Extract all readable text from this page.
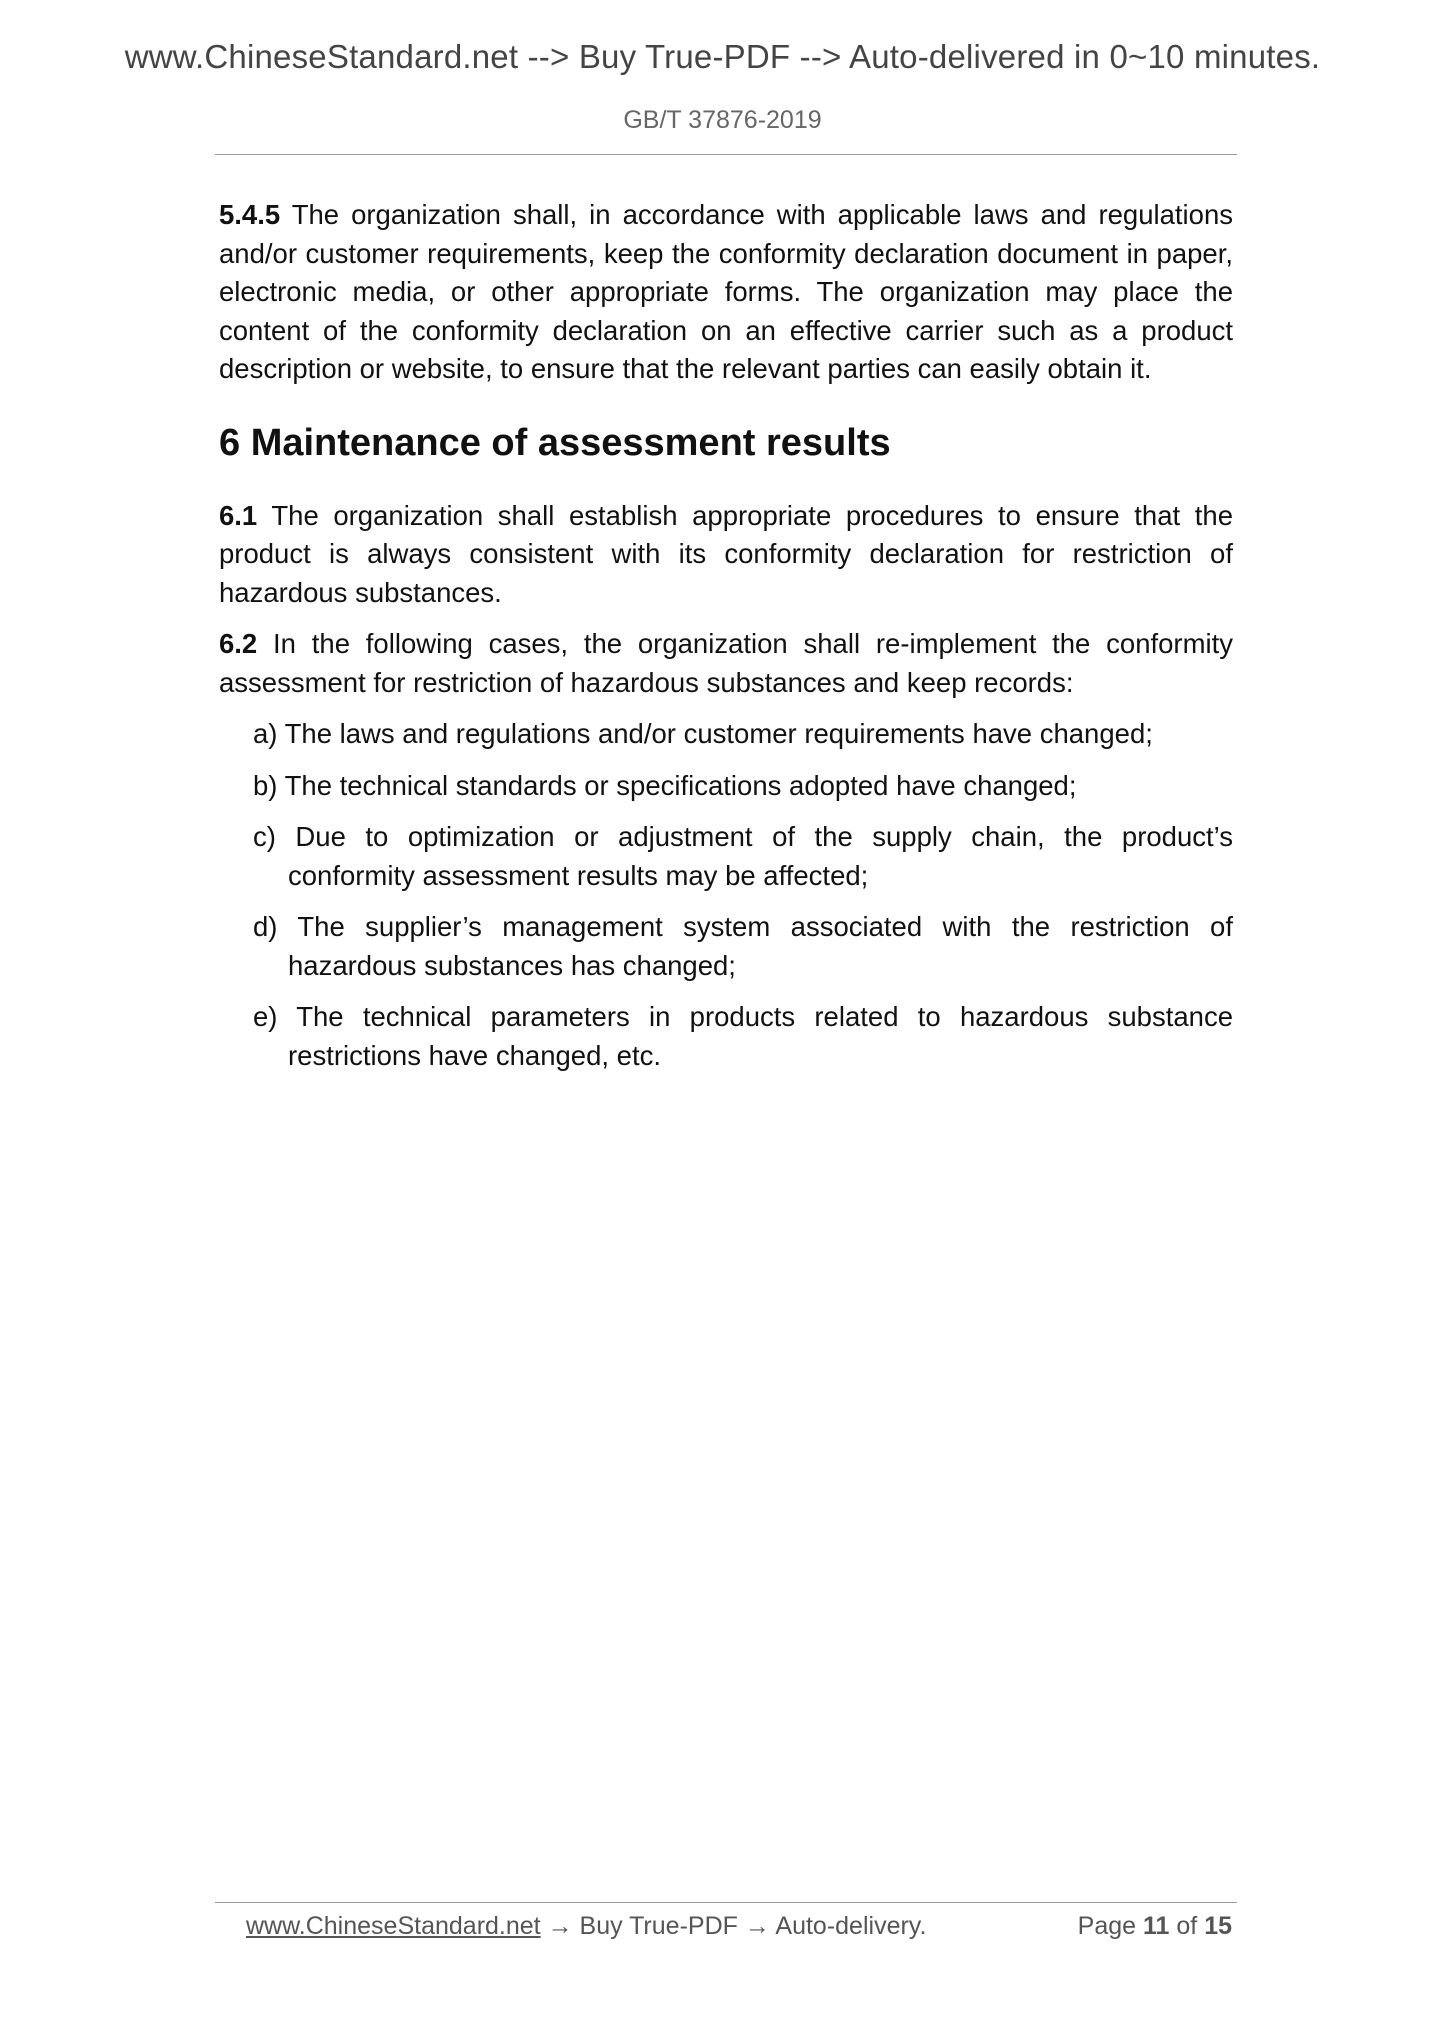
www.ChineseStandard.net --> Buy True-PDF --> Auto-delivered in 0~10 minutes.
GB/T 37876-2019

5.4.5 The organization shall, in accordance with applicable laws and regulations and/or customer requirements, keep the conformity declaration document in paper, electronic media, or other appropriate forms. The organization may place the content of the conformity declaration on an effective carrier such as a product description or website, to ensure that the relevant parties can easily obtain it.

6 Maintenance of assessment results

6.1 The organization shall establish appropriate procedures to ensure that the product is always consistent with its conformity declaration for restriction of hazardous substances.

6.2 In the following cases, the organization shall re-implement the conformity assessment for restriction of hazardous substances and keep records:

a) The laws and regulations and/or customer requirements have changed;

b) The technical standards or specifications adopted have changed;

c) Due to optimization or adjustment of the supply chain, the product’s conformity assessment results may be affected;

d) The supplier’s management system associated with the restriction of hazardous substances has changed;

e) The technical parameters in products related to hazardous substance restrictions have changed, etc.

www.ChineseStandard.net → Buy True-PDF → Auto-delivery.	Page 11 of 15
